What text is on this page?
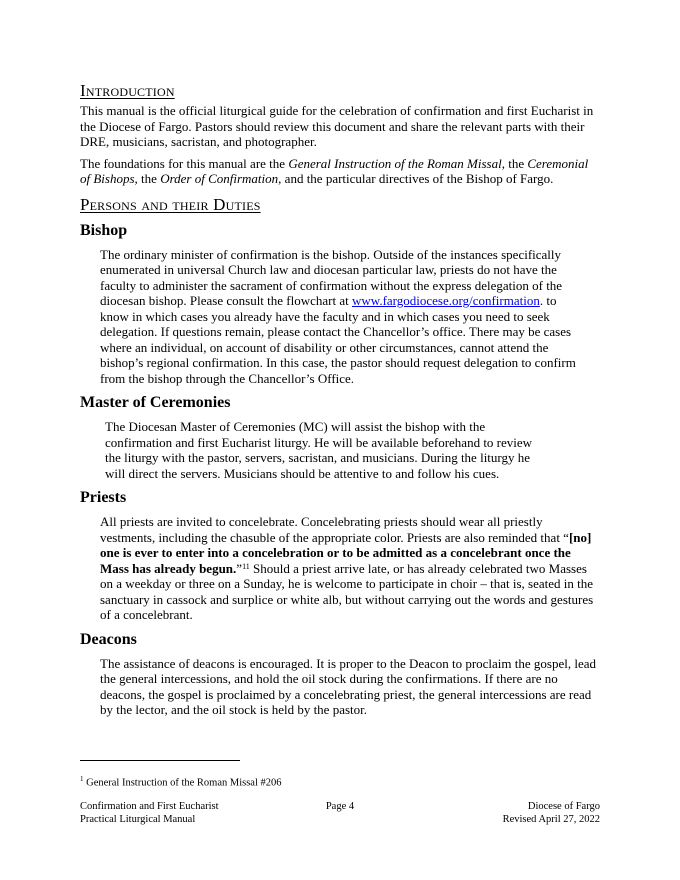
Introduction

This manual is the official liturgical guide for the celebration of confirmation and first Eucharist in the Diocese of Fargo. Pastors should review this document and share the relevant parts with their DRE, musicians, sacristan, and photographer.

The foundations for this manual are the General Instruction of the Roman Missal, the Ceremonial of Bishops, the Order of Confirmation, and the particular directives of the Bishop of Fargo.

Persons and their Duties
Bishop

The ordinary minister of confirmation is the bishop. Outside of the instances specifically enumerated in universal Church law and diocesan particular law, priests do not have the faculty to administer the sacrament of confirmation without the express delegation of the diocesan bishop. Please consult the flowchart at www.fargodiocese.org/confirmation. to know in which cases you already have the faculty and in which cases you need to seek delegation. If questions remain, please contact the Chancellor’s office. There may be cases where an individual, on account of disability or other circumstances, cannot attend the bishop’s regional confirmation. In this case, the pastor should request delegation to confirm from the bishop through the Chancellor’s Office.

Master of Ceremonies

The Diocesan Master of Ceremonies (MC) will assist the bishop with the confirmation and first Eucharist liturgy. He will be available beforehand to review the liturgy with the pastor, servers, sacristan, and musicians. During the liturgy he will direct the servers. Musicians should be attentive to and follow his cues.

Priests

All priests are invited to concelebrate. Concelebrating priests should wear all priestly vestments, including the chasuble of the appropriate color. Priests are also reminded that “[no] one is ever to enter into a concelebration or to be admitted as a concelebrant once the Mass has already begun.”$^{11}$ Should a priest arrive late, or has already celebrated two Masses on a weekday or three on a Sunday, he is welcome to participate in choir – that is, seated in the sanctuary in cassock and surplice or white alb, but without carrying out the words and gestures of a concelebrant.

Deacons

The assistance of deacons is encouraged. It is proper to the Deacon to proclaim the gospel, lead the general intercessions, and hold the oil stock during the confirmations. If there are no deacons, the gospel is proclaimed by a concelebrating priest, the general intercessions are read by the lector, and the oil stock is held by the pastor.

$^1$ General Instruction of the Roman Missal #206
Confirmation and First Eucharist
Practical Liturgical Manual
Page 4	Diocese of Fargo
Revised April 27, 2022
